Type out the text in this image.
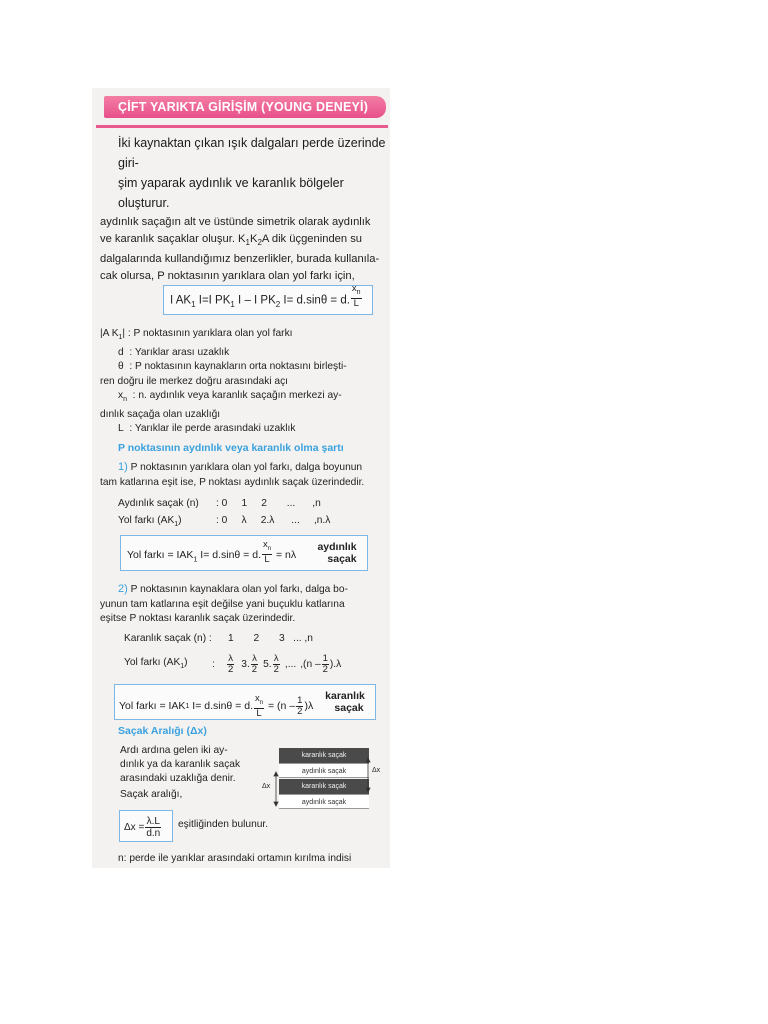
ÇİFT YARIKTA GİRİŞİM (YOUNG DENEYİ)
İki kaynaktan çıkan ışık dalgaları perde üzerinde giri-
şim yaparak aydınlık ve karanlık bölgeler oluşturur.
aydınlık saçağın alt ve üstünde simetrik olarak aydınlık
ve karanlık saçaklar oluşur. $K_1K_2A$ dik üçgeninden su
dalgalarında kullandığımız benzerlikler, burada kullanıla-
cak olursa, P noktasının yarıklara olan yol farkı için,
I $AK_1$ I=I $PK_1$ I – I $PK_2$ I= d.sinθ = d. $\frac{x_n}{L}$
|A $K_1|$ : P noktasının yarıklara olan yol farkı
d : Yarıklar arası uzaklık
θ : P noktasının kaynakların orta noktasını birleşti-
ren doğru ile merkez doğru arasındaki açı
$x_n$ : n. aydınlık veya karanlık saçağın merkezi ay-
dınlık saçağa olan uzaklığı
L : Yarıklar ile perde arasındaki uzaklık
P noktasının aydınlık veya karanlık olma şartı
1) P noktasının yarıklara olan yol farkı, dalga boyunun
tam katlarına eşit ise, P noktası aydınlık saçak üzerindedir.
Aydınlık saçak (n)	: 0     1     2       ...      ,n
Yol farkı $(AK_1)$	: 0     λ     2.λ      ...     ,n.λ
Yol farkı = $IAK_1$ I= d.sinθ = d. $\frac{x_n}{L} = n\lambda$
aydınlık
saçak
2) P noktasının kaynaklara olan yol farkı, dalga bo-
yunun tam katlarına eşit değilse yani buçuklu katlarına
eşitse P noktası karanlık saçak üzerindedir.
Karanlık saçak (n) :	1       2       3   ... ,n
Yol farkı $(AK_1)$	:	$\frac{\lambda}{2} 3$. $\frac{\lambda}{2} 5$. $\frac{\lambda}{2}$ ,... $,(n - \frac{1}{2} ).\lambda$
Yol farkı = IAK 1 I= d.sinθ = d. $\frac{x_n}{L} = (n - \frac{1}{2} )\lambda$
karanlık
saçak
Saçak Aralığı (Δx)
Ardı ardına gelen iki ay-
dınlık ya da karanlık saçak
arasındaki uzaklığa denir.
Saçak aralığı,
karanlık saçak
aydınlık saçak
karanlık saçak
aydınlık saçak
Δx
Δx
$\Delta x = \frac{\lambda.L}{d.n}$ eşitliğinden bulunur.
n: perde ile yarıklar arasındaki ortamın kırılma indisi
